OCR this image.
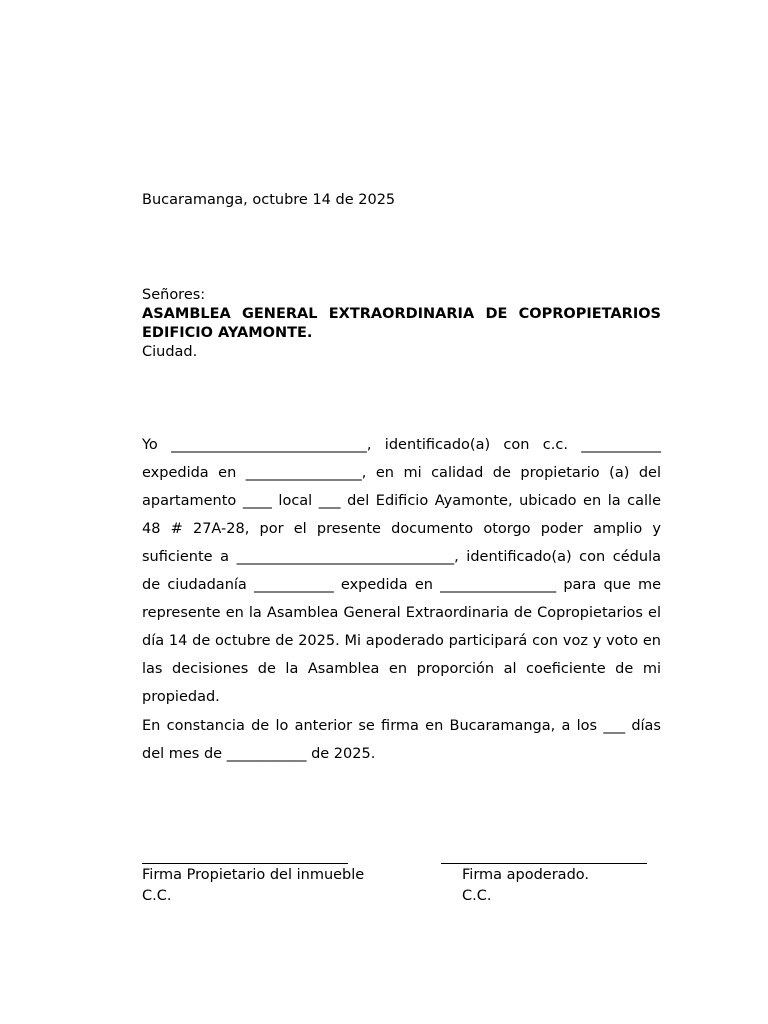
Bucaramanga, octubre 14 de 2025
Señores:
ASAMBLEA GENERAL EXTRAORDINARIA DE COPROPIETARIOS EDIFICIO AYAMONTE.
Ciudad.
Yo ___________________________, identificado(a) con c.c. ___________ expedida en ________________, en mi calidad de propietario (a) del apartamento ____ local ___ del Edificio Ayamonte, ubicado en la calle 48 # 27A-28, por el presente documento otorgo poder amplio y suficiente a ______________________________, identificado(a) con cédula de ciudadanía ___________ expedida en ________________ para que me represente en la Asamblea General Extraordinaria de Copropietarios el día 14 de octubre de 2025. Mi apoderado participará con voz y voto en las decisiones de la Asamblea en proporción al coeficiente de mi propiedad.
En constancia de lo anterior se firma en Bucaramanga, a los ___ días del mes de ___________ de 2025.
Firma Propietario del inmueble
C.C.
Firma apoderado.
C.C.
